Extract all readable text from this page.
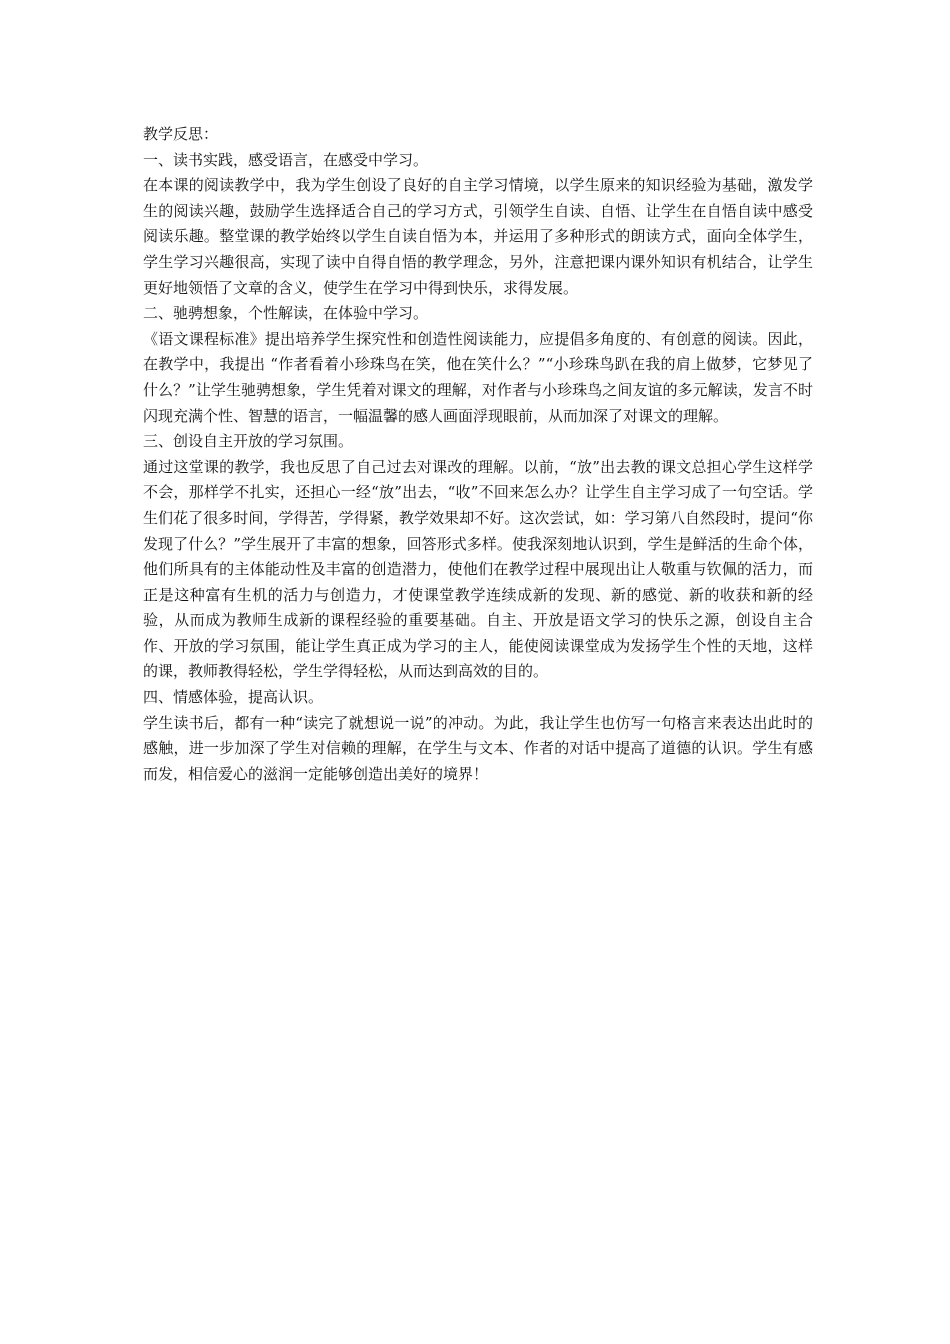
教学反思：

一、读书实践，感受语言，在感受中学习。

在本课的阅读教学中，我为学生创设了良好的自主学习情境，以学生原来的知识经验为基础，激发学生的阅读兴趣，鼓励学生选择适合自己的学习方式，引领学生自读、自悟、让学生在自悟自读中感受阅读乐趣。整堂课的教学始终以学生自读自悟为本，并运用了多种形式的朗读方式，面向全体学生，学生学习兴趣很高，实现了读中自得自悟的教学理念，另外，注意把课内课外知识有机结合，让学生更好地领悟了文章的含义，使学生在学习中得到快乐，求得发展。

二、驰骋想象，个性解读，在体验中学习。

《语文课程标准》提出培养学生探究性和创造性阅读能力，应提倡多角度的、有创意的阅读。因此，在教学中，我提出 “作者看着小珍珠鸟在笑，他在笑什么？”“小珍珠鸟趴在我的肩上做梦，它梦见了什么？”让学生驰骋想象，学生凭着对课文的理解，对作者与小珍珠鸟之间友谊的多元解读，发言不时闪现充满个性、智慧的语言，一幅温馨的感人画面浮现眼前，从而加深了对课文的理解。

三、创设自主开放的学习氛围。

通过这堂课的教学，我也反思了自己过去对课改的理解。以前，“放”出去教的课文总担心学生这样学不会，那样学不扎实，还担心一经“放”出去，“收”不回来怎么办？让学生自主学习成了一句空话。学生们花了很多时间，学得苦，学得紧，教学效果却不好。这次尝试，如：学习第八自然段时，提问“你发现了什么？”学生展开了丰富的想象，回答形式多样。使我深刻地认识到，学生是鲜活的生命个体，他们所具有的主体能动性及丰富的创造潜力，使他们在教学过程中展现出让人敬重与钦佩的活力，而正是这种富有生机的活力与创造力，才使课堂教学连续成新的发现、新的感觉、新的收获和新的经验，从而成为教师生成新的课程经验的重要基础。自主、开放是语文学习的快乐之源，创设自主合作、开放的学习氛围，能让学生真正成为学习的主人，能使阅读课堂成为发扬学生个性的天地，这样的课，教师教得轻松，学生学得轻松，从而达到高效的目的。

四、情感体验，提高认识。

学生读书后，都有一种“读完了就想说一说”的冲动。为此，我让学生也仿写一句格言来表达出此时的感触，进一步加深了学生对信赖的理解，在学生与文本、作者的对话中提高了道德的认识。学生有感而发，相信爱心的滋润一定能够创造出美好的境界！
